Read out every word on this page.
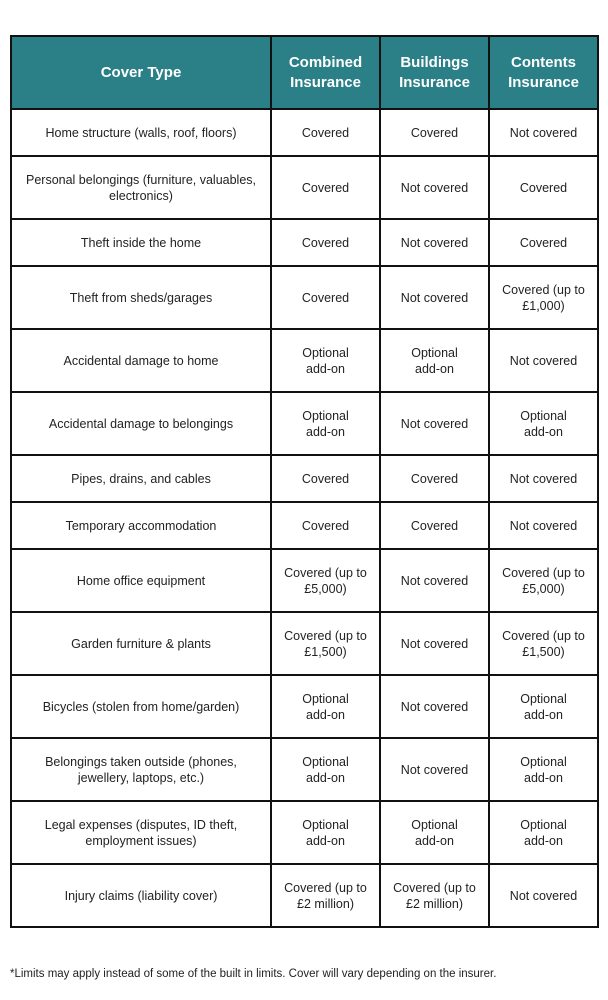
Cover Type	Combined Insurance	Buildings Insurance	Contents Insurance
Home structure (walls, roof, floors)	Covered	Covered	Not covered
Personal belongings (furniture, valuables, electronics)	Covered	Not covered	Covered
Theft inside the home	Covered	Not covered	Covered
Theft from sheds/garages	Covered	Not covered	Covered (up to £1,000)
Accidental damage to home	Optional add-on	Optional add-on	Not covered
Accidental damage to belongings	Optional add-on	Not covered	Optional add-on
Pipes, drains, and cables	Covered	Covered	Not covered
Temporary accommodation	Covered	Covered	Not covered
Home office equipment	Covered (up to £5,000)	Not covered	Covered (up to £5,000)
Garden furniture & plants	Covered (up to £1,500)	Not covered	Covered (up to £1,500)
Bicycles (stolen from home/garden)	Optional add-on	Not covered	Optional add-on
Belongings taken outside (phones, jewellery, laptops, etc.)	Optional add-on	Not covered	Optional add-on
Legal expenses (disputes, ID theft, employment issues)	Optional add-on	Optional add-on	Optional add-on
Injury claims (liability cover)	Covered (up to £2 million)	Covered (up to £2 million)	Not covered
*Limits may apply instead of some of the built in limits. Cover will vary depending on the insurer.
